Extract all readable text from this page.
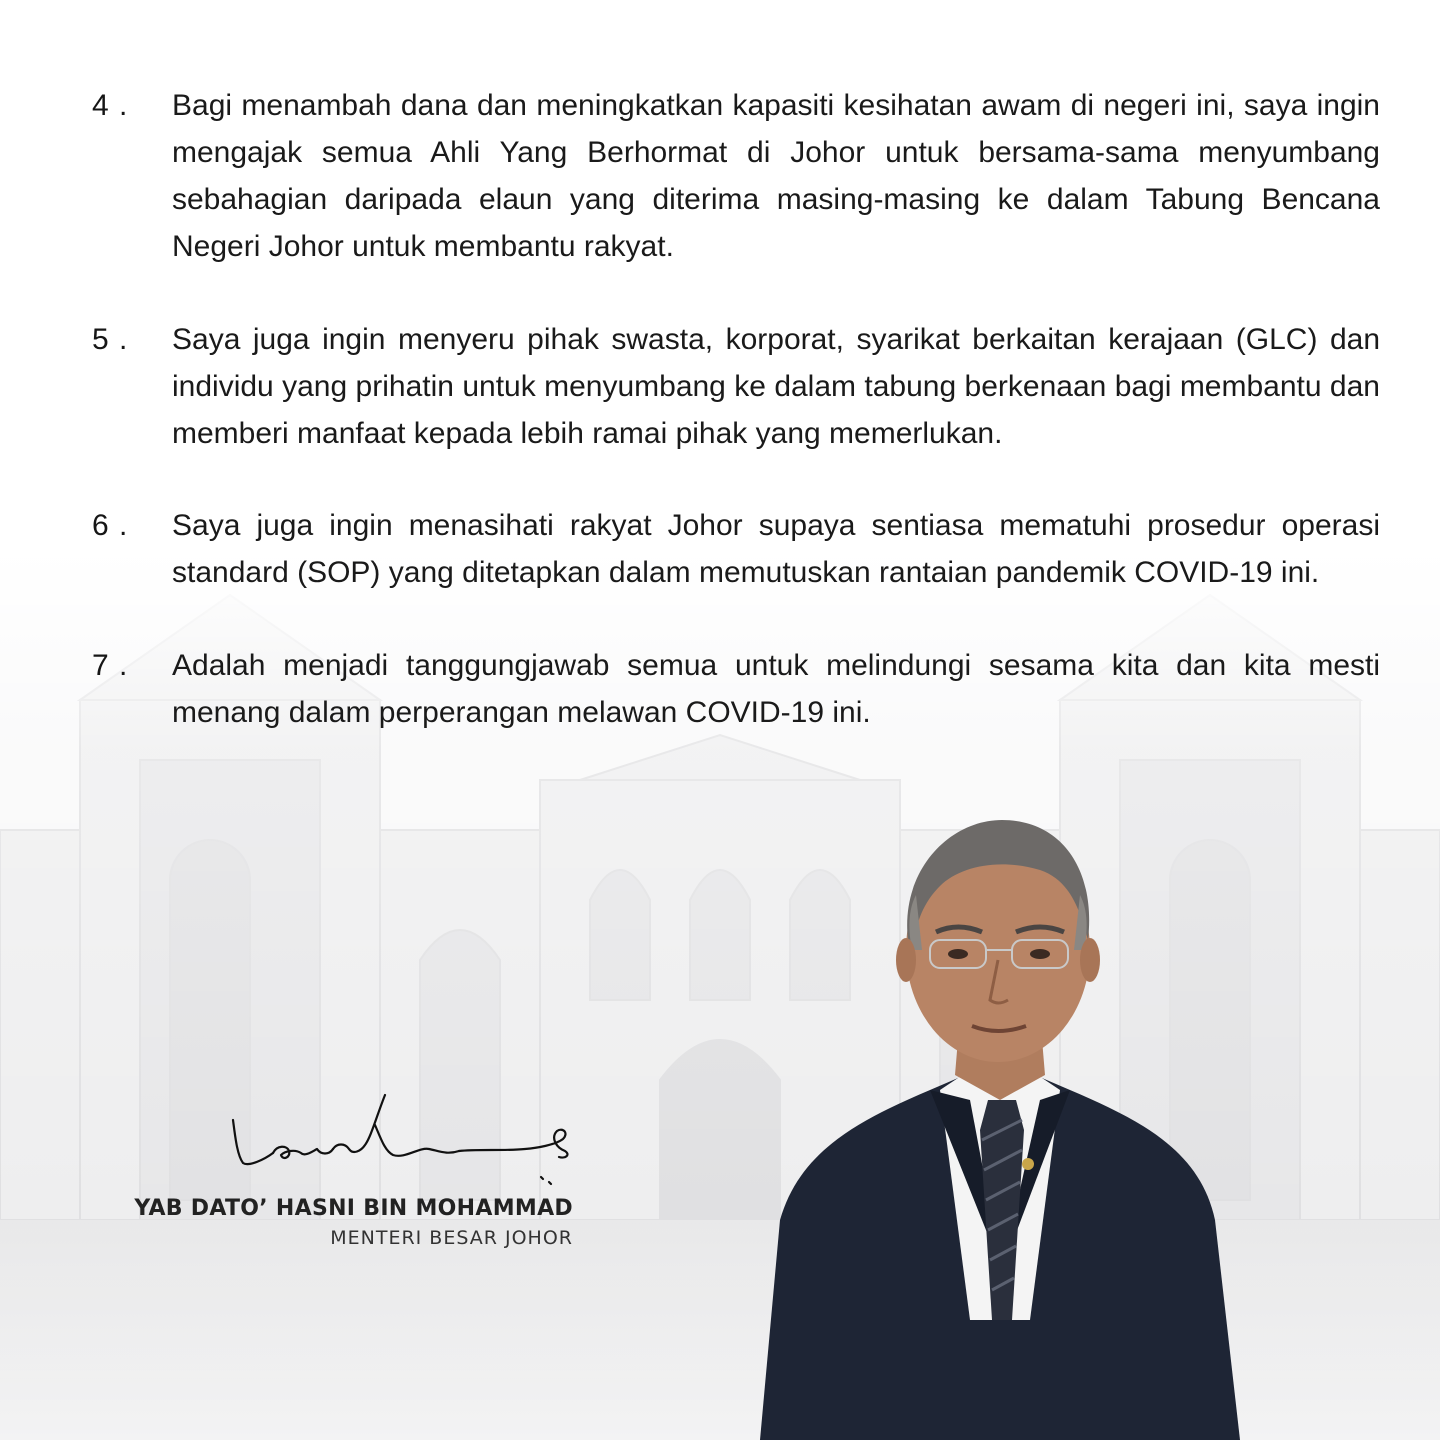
4 .	Bagi menambah dana dan meningkatkan kapasiti kesihatan awam di negeri ini, saya ingin mengajak semua Ahli Yang Berhormat di Johor untuk bersama-sama menyumbang sebahagian daripada elaun yang diterima masing-masing ke dalam Tabung Bencana Negeri Johor untuk membantu rakyat.

5 .	Saya juga ingin menyeru pihak swasta, korporat, syarikat berkaitan kerajaan (GLC) dan individu yang prihatin untuk menyumbang ke dalam tabung berkenaan bagi membantu dan memberi manfaat kepada lebih ramai pihak yang memerlukan.

6 .	Saya juga ingin menasihati rakyat Johor supaya sentiasa mematuhi prosedur operasi standard (SOP) yang ditetapkan dalam memutuskan rantaian pandemik COVID-19 ini.

7 .	Adalah menjadi tanggungjawab semua untuk melindungi sesama kita dan kita mesti menang dalam perperangan melawan COVID-19 ini.

YAB DATO’ HASNI BIN MOHAMMAD
MENTERI BESAR JOHOR
